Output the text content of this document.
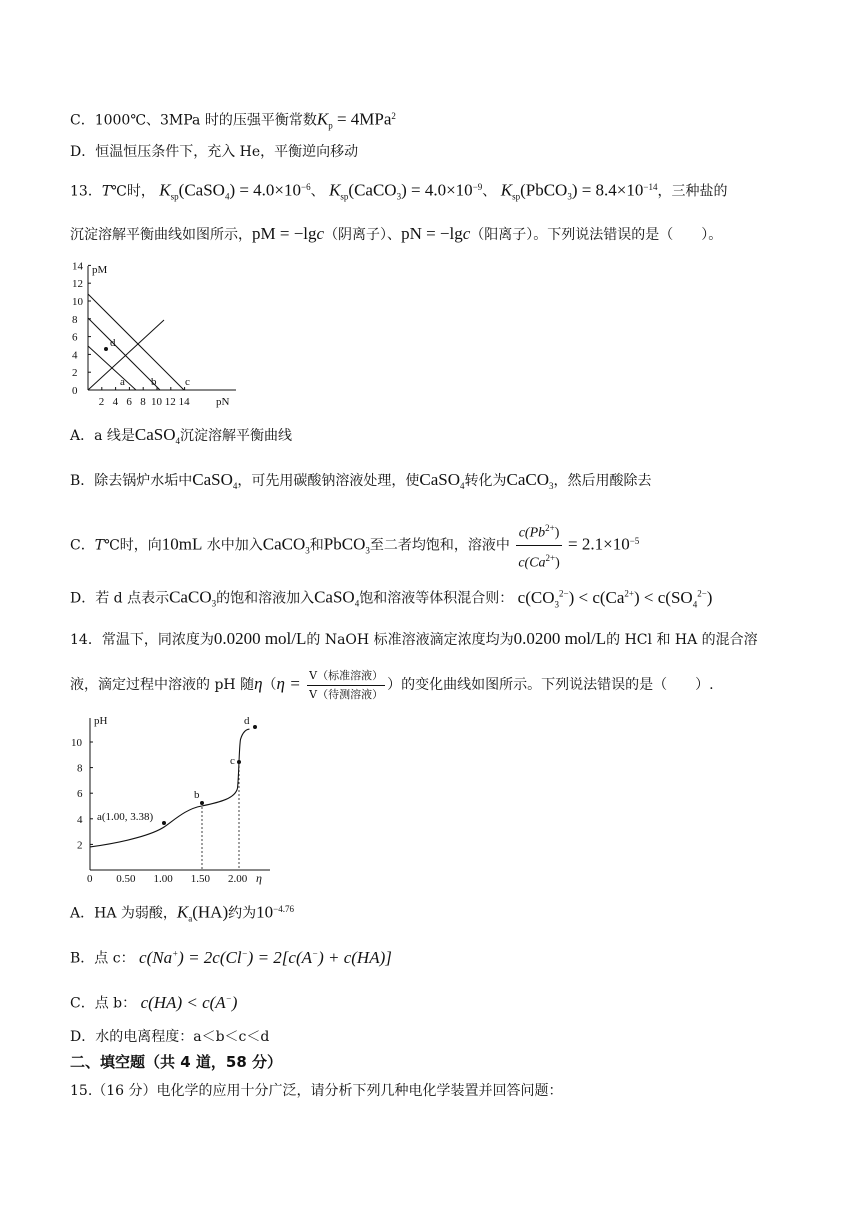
C．1000℃、3MPa 时的压强平衡常数$K_p = 4MPa^2$
D．恒温恒压条件下，充入 He，平衡逆向移动
13．T℃时， $K_{sp}(CaSO_4) = 4.0\times 10^{-6}$、 $K_{sp}(CaCO_3) = 4.0\times 10^{-9}$、 $K_{sp}(PbCO_3) = 8.4\times 10^{-14}$，三种盐的
沉淀溶解平衡曲线如图所示，pM = −lgc（阴离子）、pN = −lgc（阳离子）。下列说法错误的是（　　）。
pM
pN
14
12
10
8
6
4
2
0
2 4 6 8 10 12 14
d
a b	c
A．a 线是CaSO$_4$沉淀溶解平衡曲线
B．除去锅炉水垢中CaSO$_4$，可先用碳酸钠溶液处理，使CaSO$_4$转化为CaCO$_3$，然后用酸除去
C．T℃时，向10mL 水中加入CaCO$_3$和PbCO$_3$至二者均饱和，溶液中 $\frac{c(Pb^{2+})}{c(Ca^{2+})} = 2.1\times 10^{-5}$
D．若 d 点表示CaCO$_3$的饱和溶液加入CaSO$_4$饱和溶液等体积混合则： $c(CO_3^{2-}) < c(Ca^{2+}) < c(SO_4^{2-})$
14．常温下，同浓度为0.0200 mol/L的 NaOH 标准溶液滴定浓度均为0.0200 mol/L的 HCl 和 HA 的混合溶
液，滴定过程中溶液的 pH 随$\eta(\eta = \frac{\text{V（标准溶液）}}{\text{V（待测溶液）}}$ ）的变化曲线如图所示。下列说法错误的是（　　）.
pH
η
10
8
6
4
2
0 0.50 1.00 1.50 2.00
a(1.00, 3.38)
b
c
d
A．HA 为弱酸，$K_a(HA)$约为$10^{-4.76}$
B．点 c： c(Na+) = 2c(Cl−) = 2[c(A−) + c(HA)]
C．点 b： c(HA) < c(A−)
D．水的电离程度：a＜b＜c＜d
二、填空题（共 4 道，58 分）
15.（16 分）电化学的应用十分广泛，请分析下列几种电化学装置并回答问题：
